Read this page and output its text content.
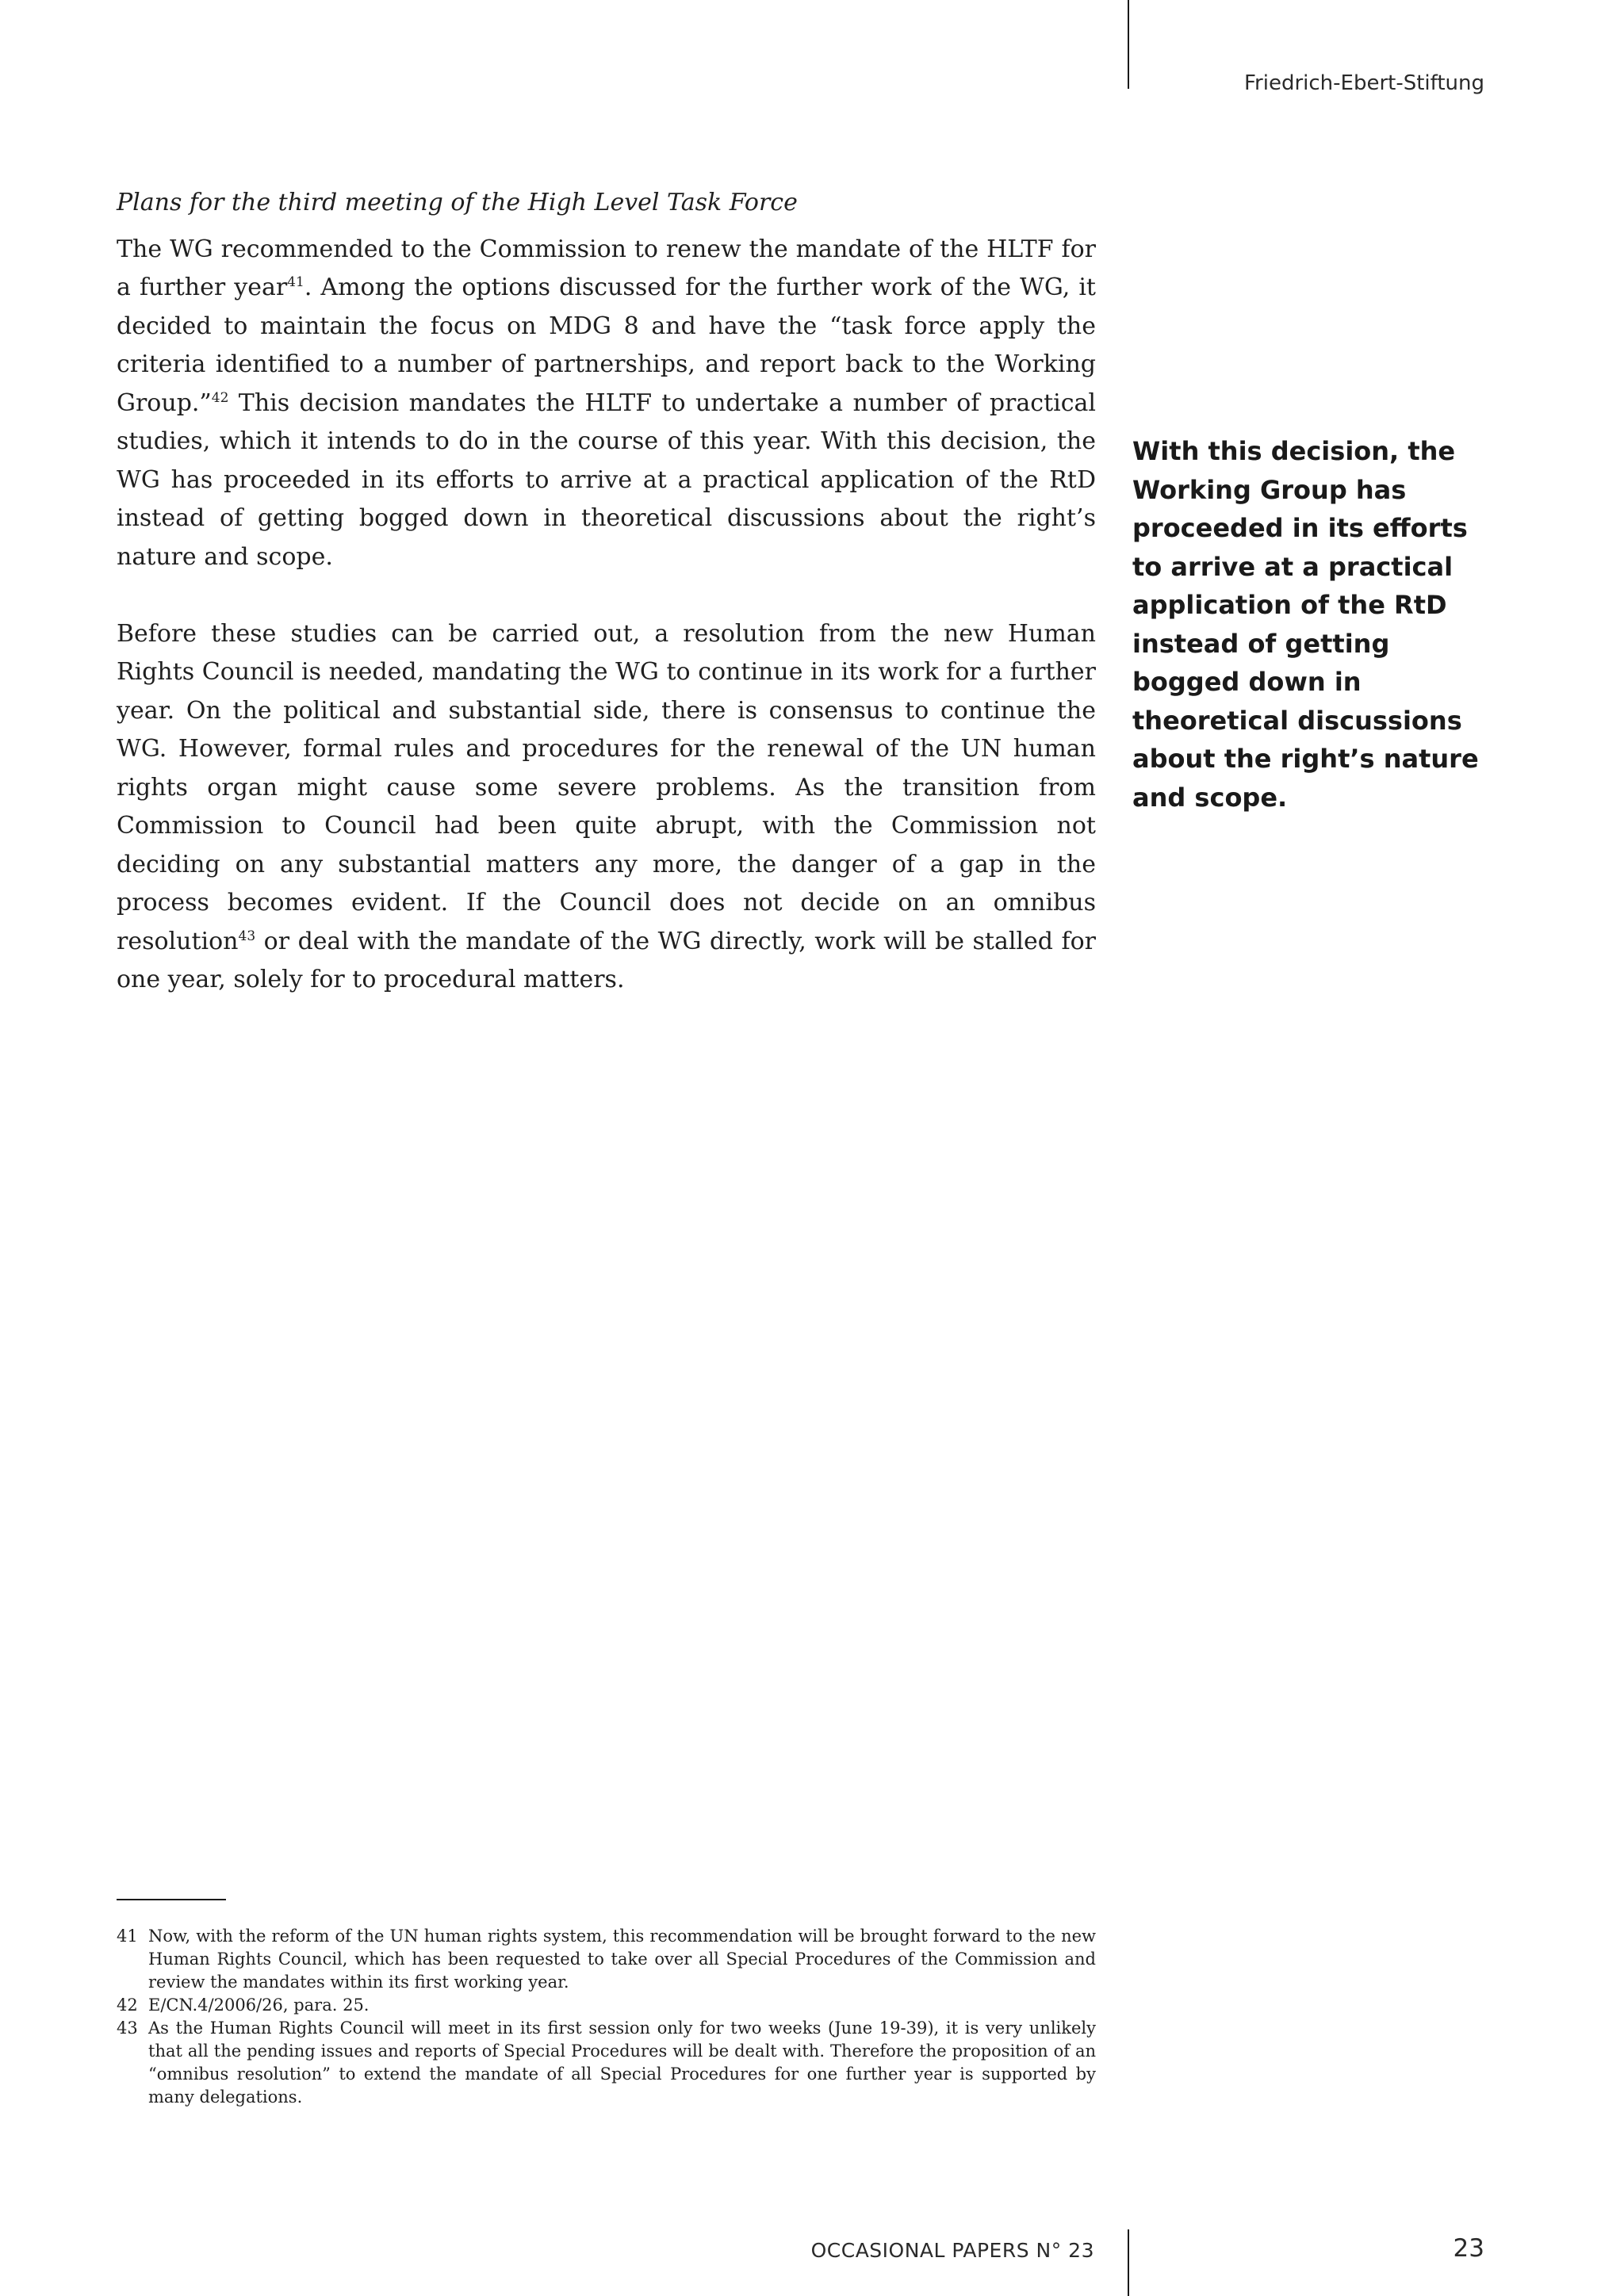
Friedrich-Ebert-Stiftung
Plans for the third meeting of the High Level Task Force

The WG recommended to the Commission to renew the mandate of the HLTF for a further year$^{41}$. Among the options discussed for the further work of the WG, it decided to maintain the focus on MDG 8 and have the “task force apply the criteria identified to a number of partnerships, and report back to the Working Group.”$^{42}$ This decision mandates the HLTF to undertake a number of practical studies, which it intends to do in the course of this year. With this decision, the WG has proceeded in its efforts to arrive at a practical application of the RtD instead of getting bogged down in theoretical discussions about the right’s nature and scope.

Before these studies can be carried out, a resolution from the new Human Rights Council is needed, mandating the WG to continue in its work for a further year. On the political and substantial side, there is consensus to continue the WG. However, formal rules and procedures for the renewal of the UN human rights organ might cause some severe problems. As the transition from Commission to Council had been quite abrupt, with the Commission not deciding on any substantial matters any more, the danger of a gap in the process becomes evident. If the Council does not decide on an omnibus resolution$^{43}$ or deal with the mandate of the WG directly, work will be stalled for one year, solely for to procedural matters.

With this decision, the Working Group has proceeded in its efforts to arrive at a practical application of the RtD instead of getting bogged down in theoretical discussions about the right’s nature and scope.
41 Now, with the reform of the UN human rights system, this recommendation will be brought forward to the new Human Rights Council, which has been requested to take over all Special Procedures of the Commission and review the mandates within its first working year.
42 E/CN.4/2006/26, para. 25.
43 As the Human Rights Council will meet in its first session only for two weeks (June 19-39), it is very unlikely that all the pending issues and reports of Special Procedures will be dealt with. Therefore the proposition of an “omnibus resolution” to extend the mandate of all Special Procedures for one further year is supported by many delegations.
OCCASIONAL PAPERS N° 23	23
